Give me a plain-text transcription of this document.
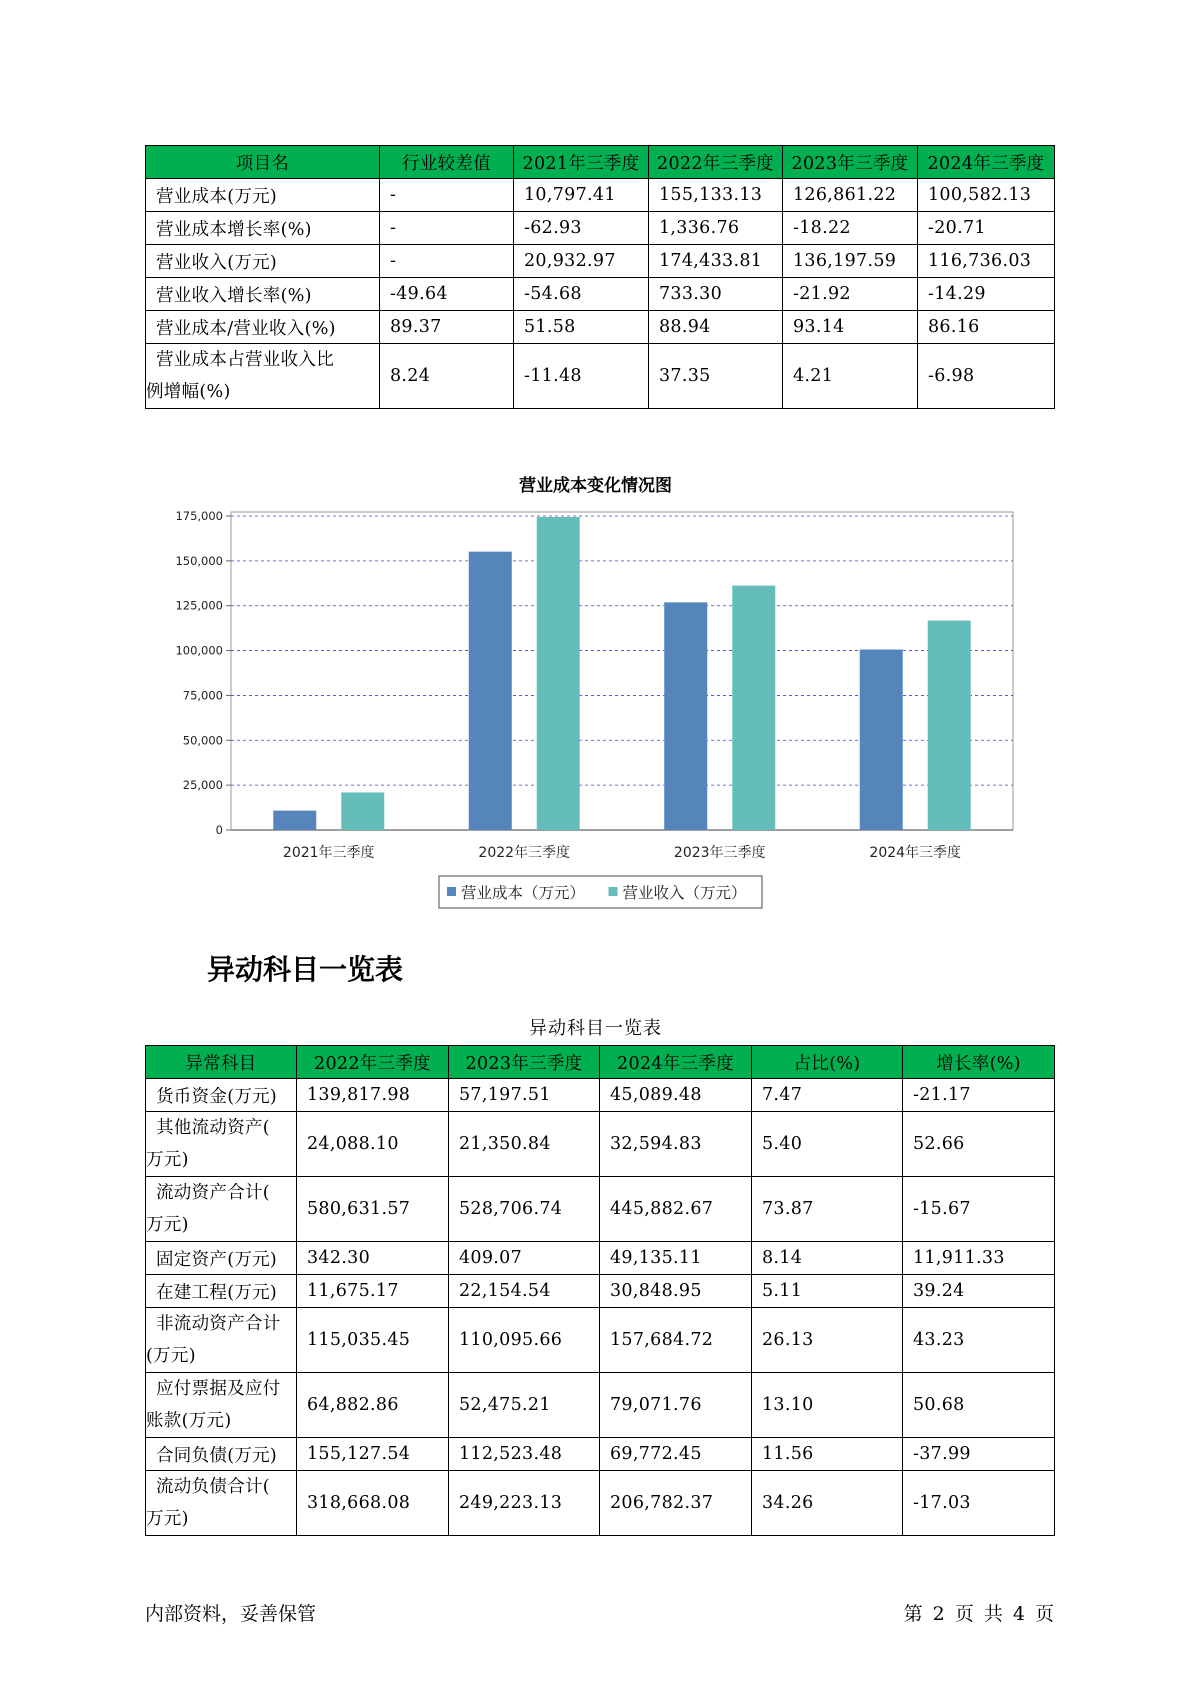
项目名	行业较差值	2021年三季度	2022年三季度	2023年三季度	2024年三季度
营业成本(万元)	-	10,797.41	155,133.13	126,861.22	100,582.13
营业成本增长率(%)	-	-62.93	1,336.76	-18.22	-20.71
营业收入(万元)	-	20,932.97	174,433.81	136,197.59	116,736.03
营业收入增长率(%)	-49.64	-54.68	733.30	-21.92	-14.29
营业成本/营业收入(%)	89.37	51.58	88.94	93.14	86.16

营业成本占营业收入比
例增幅(%)	8.24	-11.48	37.35	4.21	-6.98
营业成本变化情况图
0
25,000
50,000
75,000
100,000
125,000
150,000
175,000
2021年三季度	2022年三季度	2023年三季度	2024年三季度
营业成本（万元） 营业收入（万元）
异动科目一览表
异动科目一览表
异常科目	2022年三季度	2023年三季度	2024年三季度	占比(%)	增长率(%)
货币资金(万元)	139,817.98	57,197.51	45,089.48	7.47	-21.17

其他流动资产(
万元)	24,088.10	21,350.84	32,594.83	5.40	52.66

流动资产合计(
万元)	580,631.57	528,706.74	445,882.67	73.87	-15.67
固定资产(万元)	342.30	409.07	49,135.11	8.14	11,911.33
在建工程(万元)	11,675.17	22,154.54	30,848.95	5.11	39.24

非流动资产合计
(万元)	115,035.45	110,095.66	157,684.72	26.13	43.23

应付票据及应付
账款(万元)	64,882.86	52,475.21	79,071.76	13.10	50.68
合同负债(万元)	155,127.54	112,523.48	69,772.45	11.56	-37.99

流动负债合计(
万元)	318,668.08	249,223.13	206,782.37	34.26	-17.03
内部资料，妥善保管	第 2 页 共 4 页
